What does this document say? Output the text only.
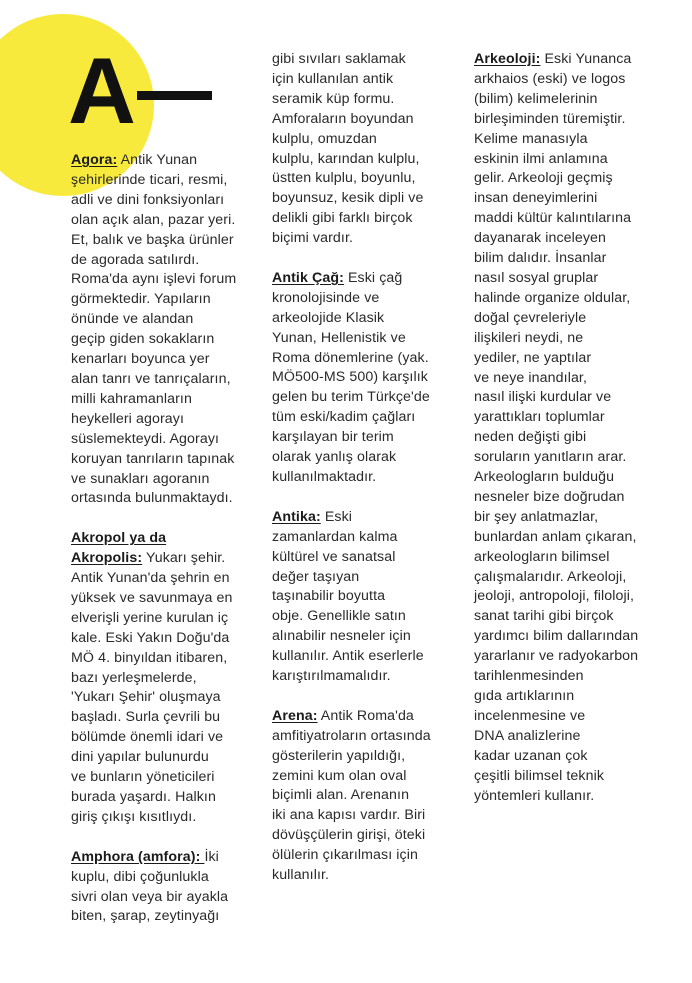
A
Agora: Antik Yunan
şehirlerinde ticari, resmi,
adli ve dini fonksiyonları
olan açık alan, pazar yeri.
Et, balık ve başka ürünler
de agorada satılırdı.
Roma'da aynı işlevi forum
görmektedir. Yapıların
önünde ve alandan
geçip giden sokakların
kenarları boyunca yer
alan tanrı ve tanrıçaların,
milli kahramanların
heykelleri agorayı
süslemekteydi. Agorayı
koruyan tanrıların tapınak
ve sunakları agoranın
ortasında bulunmaktaydı.
Akropol ya da
Akropolis: Yukarı şehir.
Antik Yunan'da şehrin en
yüksek ve savunmaya en
elverişli yerine kurulan iç
kale. Eski Yakın Doğu'da
MÖ 4. binyıldan itibaren,
bazı yerleşmelerde,
'Yukarı Şehir' oluşmaya
başladı. Surla çevrili bu
bölümde önemli idari ve
dini yapılar bulunurdu
ve bunların yöneticileri
burada yaşardı. Halkın
giriş çıkışı kısıtlıydı.
Amphora (amfora): İki
kuplu, dibi çoğunlukla
sivri olan veya bir ayakla
biten, şarap, zeytinyağı
gibi sıvıları saklamak
için kullanılan antik
seramik küp formu.
Amforaların boyundan
kulplu, omuzdan
kulplu, karından kulplu,
üstten kulplu, boyunlu,
boyunsuz, kesik dipli ve
delikli gibi farklı birçok
biçimi vardır.
Antik Çağ: Eski çağ
kronolojisinde ve
arkeolojide Klasik
Yunan, Hellenistik ve
Roma dönemlerine (yak.
MÖ500-MS 500) karşılık
gelen bu terim Türkçe'de
tüm eski/kadim çağları
karşılayan bir terim
olarak yanlış olarak
kullanılmaktadır.
Antika: Eski
zamanlardan kalma
kültürel ve sanatsal
değer taşıyan
taşınabilir boyutta
obje. Genellikle satın
alınabilir nesneler için
kullanılır. Antik eserlerle
karıştırılmamalıdır.
Arena: Antik Roma'da
amfitiyatroların ortasında
gösterilerin yapıldığı,
zemini kum olan oval
biçimli alan. Arenanın
iki ana kapısı vardır. Biri
dövüşçülerin girişi, öteki
ölülerin çıkarılması için
kullanılır.
Arkeoloji: Eski Yunanca
arkhaios (eski) ve logos
(bilim) kelimelerinin
birleşiminden türemiştir.
Kelime manasıyla
eskinin ilmi anlamına
gelir. Arkeoloji geçmiş
insan deneyimlerini
maddi kültür kalıntılarına
dayanarak inceleyen
bilim dalıdır. İnsanlar
nasıl sosyal gruplar
halinde organize oldular,
doğal çevreleriyle
ilişkileri neydi, ne
yediler, ne yaptılar
ve neye inandılar,
nasıl ilişki kurdular ve
yarattıkları toplumlar
neden değişti gibi
soruların yanıtların arar.
Arkeologların bulduğu
nesneler bize doğrudan
bir şey anlatmazlar,
bunlardan anlam çıkaran,
arkeologların bilimsel
çalışmalarıdır. Arkeoloji,
jeoloji, antropoloji, filoloji,
sanat tarihi gibi birçok
yardımcı bilim dallarından
yararlanır ve radyokarbon
tarihlenmesinden
gıda artıklarının
incelenmesine ve
DNA analizlerine
kadar uzanan çok
çeşitli bilimsel teknik
yöntemleri kullanır.
